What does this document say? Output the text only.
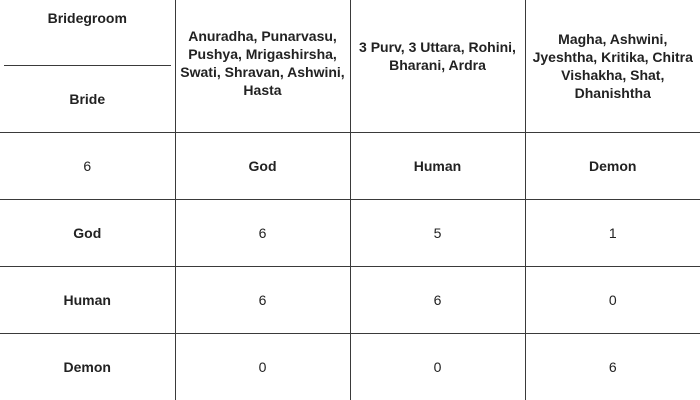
Bridegroom
Bride	Anuradha, Punarvasu, Pushya, Mrigashirsha, Swati, Shravan, Ashwini, Hasta	3 Purv, 3 Uttara, Rohini, Bharani, Ardra	Magha, Ashwini, Jyeshtha, Kritika, Chitra Vishakha, Shat, Dhanishtha

6	God	Human	Demon
God	6	5	1
Human	6	6	0
Demon	0	0	6
